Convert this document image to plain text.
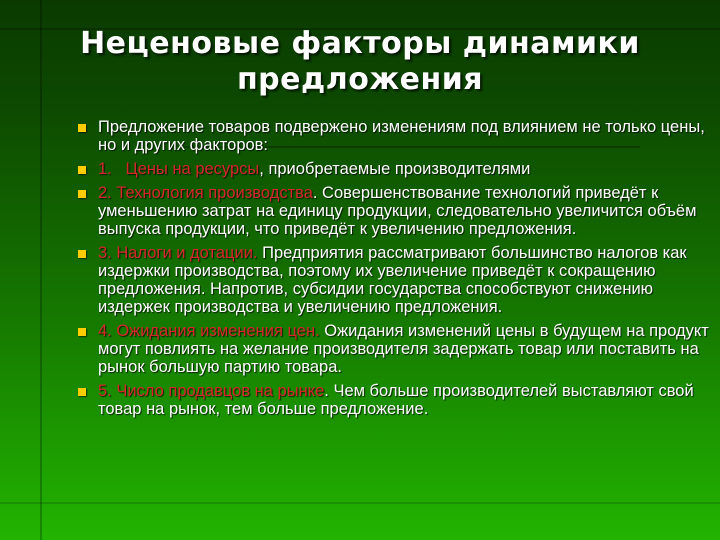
Неценовые факторы динамики
предложения
Предложение товаров подвержено изменениям под влиянием не только цены, но и других факторов:
1.   Цены на ресурсы, приобретаемые производителями
2. Технология производства. Совершенствование технологий приведёт к уменьшению затрат на единицу продукции, следовательно увеличится объём выпуска продукции, что приведёт к увеличению предложения.
3. Налоги и дотации. Предприятия рассматривают большинство налогов как издержки производства, поэтому их увеличение приведёт к сокращению предложения. Напротив, субсидии государства способствуют снижению издержек производства и увеличению предложения.
4. Ожидания изменения цен. Ожидания изменений цены в будущем на продукт могут повлиять на желание производителя задержать товар или поставить на рынок большую партию товара.
5. Число продавцов на рынке. Чем больше производителей выставляют свой товар на рынок, тем больше предложение.
